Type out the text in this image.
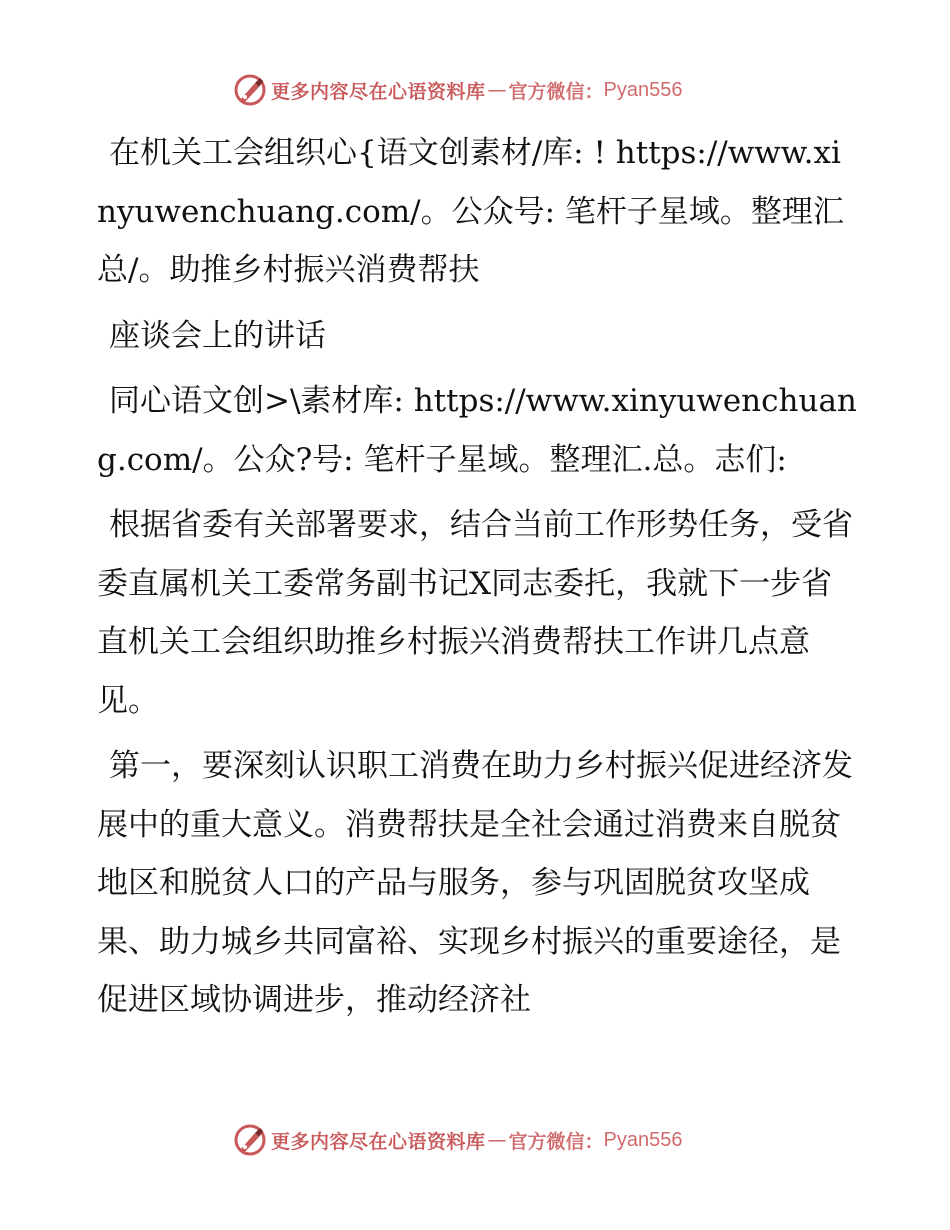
更多内容尽在心语资料库 — 官方微信： Pyan556

在机关工会组织心{语文创素材/库: ! https://www.xinyuwenchuang.com/。公众号: 笔杆子星域。整理汇总/。助推乡村振兴消费帮扶

座谈会上的讲话

同心语文创>\素材库: https://www.xinyuwenchuang.com/。公众?号: 笔杆子星域。整理汇.总。志们:

根据省委有关部署要求，结合当前工作形势任务，受省委直属机关工委常务副书记X同志委托，我就下一步省直机关工会组织助推乡村振兴消费帮扶工作讲几点意见。

第一，要深刻认识职工消费在助力乡村振兴促进经济发展中的重大意义。消费帮扶是全社会通过消费来自脱贫地区和脱贫人口的产品与服务，参与巩固脱贫攻坚成果、助力城乡共同富裕、实现乡村振兴的重要途径，是促进区域协调进步，推动经济社

更多内容尽在心语资料库 — 官方微信： Pyan556
